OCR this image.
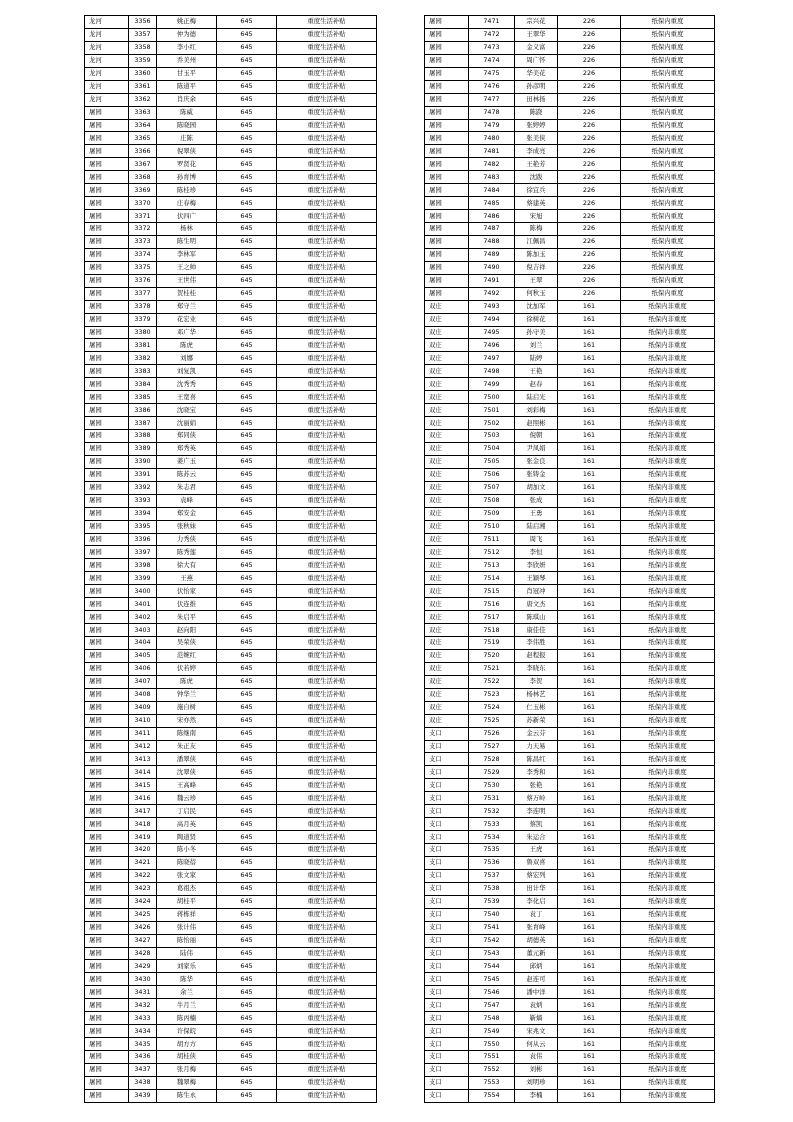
龙河	3356	姚正梅	645	重度生活补贴
龙河	3357	仲为德	645	重度生活补贴
龙河	3358	李小红	645	重度生活补贴
龙河	3359	乔美州	645	重度生活补贴
龙河	3360	甘玉平	645	重度生活补贴
龙河	3361	陈道平	645	重度生活补贴
龙河	3362	肖庆余	645	重度生活补贴
屠园	3363	陈威	645	重度生活补贴
屠园	3364	陈晓园	645	重度生活补贴
屠园	3365	庄陈	645	重度生活补贴
屠园	3366	倪翠侠	645	重度生活补贴
屠园	3367	罗贤花	645	重度生活补贴
屠园	3368	孙育博	645	重度生活补贴
屠园	3369	陈桂珍	645	重度生活补贴
屠园	3370	庄春梅	645	重度生活补贴
屠园	3371	伏四广	645	重度生活补贴
屠园	3372	杨林	645	重度生活补贴
屠园	3373	陈生明	645	重度生活补贴
屠园	3374	李林军	645	重度生活补贴
屠园	3375	王之帅	645	重度生活补贴
屠园	3376	王世伟	645	重度生活补贴
屠园	3377	贺桂桂	645	重度生活补贴
屠园	3378	郑守兰	645	重度生活补贴
屠园	3379	花宏业	645	重度生活补贴
屠园	3380	邓广华	645	重度生活补贴
屠园	3381	陈虎	645	重度生活补贴
屠园	3382	刘娜	645	重度生活补贴
屠园	3383	刘复凯	645	重度生活补贴
屠园	3384	沈秀秀	645	重度生活补贴
屠园	3385	王宽喜	645	重度生活补贴
屠园	3386	沈晓宝	645	重度生活补贴
屠园	3387	沈丽娟	645	重度生活补贴
屠园	3388	郑同侠	645	重度生活补贴
屠园	3389	郑秀英	645	重度生活补贴
屠园	3390	姜广玉	645	重度生活补贴
屠园	3391	陈苏云	645	重度生活补贴
屠园	3392	朱志君	645	重度生活补贴
屠园	3393	袁峰	645	重度生活补贴
屠园	3394	郑安金	645	重度生活补贴
屠园	3395	张秋妹	645	重度生活补贴
屠园	3396	力秀侠	645	重度生活补贴
屠园	3397	陈秀莲	645	重度生活补贴
屠园	3398	徐大有	645	重度生活补贴
屠园	3399	王燕	645	重度生活补贴
屠园	3400	伏怡家	645	重度生活补贴
屠园	3401	伏连推	645	重度生活补贴
屠园	3402	朱启平	645	重度生活补贴
屠园	3403	赵向阳	645	重度生活补贴
屠园	3404	吴荣侠	645	重度生活补贴
屠园	3405	范婉红	645	重度生活补贴
屠园	3406	伏若婷	645	重度生活补贴
屠园	3407	陈虎	645	重度生活补贴
屠园	3408	钟华兰	645	重度生活补贴
屠园	3409	施自树	645	重度生活补贴
屠园	3410	宋亦然	645	重度生活补贴
屠园	3411	陈继南	645	重度生活补贴
屠园	3412	朱正友	645	重度生活补贴
屠园	3413	潘翠侠	645	重度生活补贴
屠园	3414	沈翠侠	645	重度生活补贴
屠园	3415	王高峰	645	重度生活补贴
屠园	3416	魏云珍	645	重度生活补贴
屠园	3417	丁启民	645	重度生活补贴
屠园	3418	高月英	645	重度生活补贴
屠园	3419	陶道贤	645	重度生活补贴
屠园	3420	陈小冬	645	重度生活补贴
屠园	3421	陈晓蓓	645	重度生活补贴
屠园	3422	张文家	645	重度生活补贴
屠园	3423	葛祖杰	645	重度生活补贴
屠园	3424	胡桂平	645	重度生活补贴
屠园	3425	蒋栋祥	645	重度生活补贴
屠园	3426	张计伟	645	重度生活补贴
屠园	3427	陈怡丽	645	重度生活补贴
屠园	3428	陆伟	645	重度生活补贴
屠园	3429	刘家乐	645	重度生活补贴
屠园	3430	陈华	645	重度生活补贴
屠园	3431	余兰	645	重度生活补贴
屠园	3432	牛月兰	645	重度生活补贴
屠园	3433	陈丙楠	645	重度生活补贴
屠园	3434	许保皖	645	重度生活补贴
屠园	3435	胡方方	645	重度生活补贴
屠园	3436	胡桂侠	645	重度生活补贴
屠园	3437	张月梅	645	重度生活补贴
屠园	3438	魏翠梅	645	重度生活补贴
屠园	3439	陈生永	645	重度生活补贴
屠园	7471	宗兴花	226	纸保内重度
屠园	7472	王翠华	226	纸保内重度
屠园	7473	金义富	226	纸保内重度
屠园	7474	周广怀	226	纸保内重度
屠园	7475	华美花	226	纸保内重度
屠园	7476	孙彦明	226	纸保内重度
屠园	7477	田林扬	226	纸保内重度
屠园	7478	陈跷	226	纸保内重度
屠园	7479	张婷婷	226	纸保内重度
屠园	7480	张美侠	226	纸保内重度
屠园	7481	李成亮	226	纸保内重度
屠园	7482	王艳芳	226	纸保内重度
屠园	7483	沈跋	226	纸保内重度
屠园	7484	徐宜兵	226	纸保内重度
屠园	7485	蔡建英	226	纸保内重度
屠园	7486	宋旭	226	纸保内重度
屠园	7487	陈梅	226	纸保内重度
屠园	7488	江佩昌	226	纸保内重度
屠园	7489	陈加玉	226	纸保内重度
屠园	7490	倪吉祥	226	纸保内重度
屠园	7491	王翠	226	纸保内重度
屠园	7492	何秋玉	226	纸保内重度
双庄	7493	沈加军	161	纸保内非重度
双庄	7494	徐树花	161	纸保内非重度
双庄	7495	孙守美	161	纸保内非重度
双庄	7496	刘兰	161	纸保内非重度
双庄	7497	陆婷	161	纸保内非重度
双庄	7498	王艳	161	纸保内非重度
双庄	7499	赵春	161	纸保内非重度
双庄	7500	陆启光	161	纸保内非重度
双庄	7501	刘彩梅	161	纸保内非重度
双庄	7502	赵照彬	161	纸保内非重度
双庄	7503	倪朝	161	纸保内非重度
双庄	7504	尹凤娟	161	纸保内非重度
双庄	7505	张金良	161	纸保内非重度
双庄	7506	张铸金	161	纸保内非重度
双庄	7507	胡加文	161	纸保内非重度
双庄	7508	张成	161	纸保内非重度
双庄	7509	王勇	161	纸保内非重度
双庄	7510	陆启湘	161	纸保内非重度
双庄	7511	周飞	161	纸保内非重度
双庄	7512	李恒	161	纸保内非重度
双庄	7513	李欣妍	161	纸保内非重度
双庄	7514	王颖琴	161	纸保内非重度
双庄	7515	肖冠冲	161	纸保内非重度
双庄	7516	唐文杰	161	纸保内非重度
双庄	7517	陈琪山	161	纸保内非重度
双庄	7518	康佳佳	161	纸保内非重度
双庄	7519	李伟胜	161	纸保内非重度
双庄	7520	赵程报	161	纸保内非重度
双庄	7521	李晓东	161	纸保内非重度
双庄	7522	李贺	161	纸保内非重度
双庄	7523	杨林艺	161	纸保内非重度
双庄	7524	仁玉彬	161	纸保内非重度
双庄	7525	苏新荣	161	纸保内非重度
支口	7526	金云芬	161	纸保内非重度
支口	7527	力天易	161	纸保内非重度
支口	7528	陈昌红	161	纸保内非重度
支口	7529	李秀和	161	纸保内非重度
支口	7530	张艳	161	纸保内非重度
支口	7531	蔡万岭	161	纸保内非重度
支口	7532	李连明	161	纸保内非重度
支口	7533	蔡凯	161	纸保内非重度
支口	7534	朱运合	161	纸保内非重度
支口	7535	王虎	161	纸保内非重度
支口	7536	鲁双喜	161	纸保内非重度
支口	7537	蔡宏列	161	纸保内非重度
支口	7538	田计华	161	纸保内非重度
支口	7539	李化启	161	纸保内非重度
支口	7540	袁丁	161	纸保内非重度
支口	7541	张育峰	161	纸保内非重度
支口	7542	胡德英	161	纸保内非重度
支口	7543	董元新	161	纸保内非重度
支口	7544	邱炳	161	纸保内非重度
支口	7545	赵连可	161	纸保内非重度
支口	7546	潘中洋	161	纸保内非重度
支口	7547	袁炳	161	纸保内非重度
支口	7548	靳熵	161	纸保内非重度
支口	7549	宋兆文	161	纸保内非重度
支口	7550	何从云	161	纸保内非重度
支口	7551	袁伟	161	纸保内非重度
支口	7552	刘彬	161	纸保内非重度
支口	7553	刘明珍	161	纸保内非重度
支口	7554	李楠	161	纸保内非重度
